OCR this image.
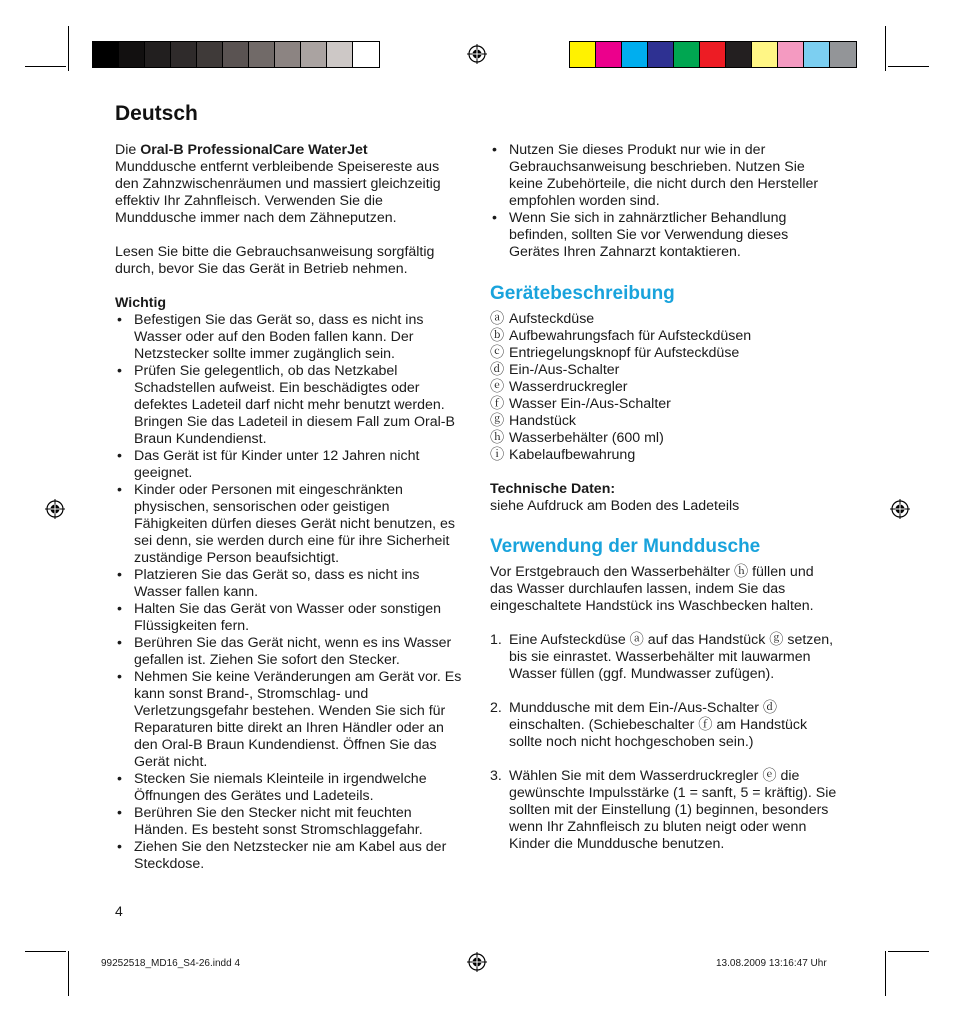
Deutsch

Die Oral-B ProfessionalCare WaterJet
Munddusche entfernt verbleibende Speisereste aus den Zahnzwischenräumen und massiert gleichzeitig effektiv Ihr Zahnfleisch. Verwenden Sie die Munddusche immer nach dem Zähneputzen.

Lesen Sie bitte die Gebrauchsanweisung sorgfältig durch, bevor Sie das Gerät in Betrieb nehmen.

Wichtig

• Befestigen Sie das Gerät so, dass es nicht ins Wasser oder auf den Boden fallen kann. Der Netzstecker sollte immer zugänglich sein.
• Prüfen Sie gelegentlich, ob das Netzkabel Schadstellen aufweist. Ein beschädigtes oder defektes Ladeteil darf nicht mehr benutzt werden. Bringen Sie das Ladeteil in diesem Fall zum Oral-B Braun Kundendienst.
• Das Gerät ist für Kinder unter 12 Jahren nicht geeignet.
• Kinder oder Personen mit eingeschränkten physischen, sensorischen oder geistigen Fähigkeiten dürfen dieses Gerät nicht benutzen, es sei denn, sie werden durch eine für ihre Sicherheit zuständige Person beaufsichtigt.
• Platzieren Sie das Gerät so, dass es nicht ins Wasser fallen kann.
• Halten Sie das Gerät von Wasser oder sonstigen Flüssigkeiten fern.
• Berühren Sie das Gerät nicht, wenn es ins Wasser gefallen ist. Ziehen Sie sofort den Stecker.
• Nehmen Sie keine Veränderungen am Gerät vor. Es kann sonst Brand-, Stromschlag- und Verletzungsgefahr bestehen. Wenden Sie sich für Reparaturen bitte direkt an Ihren Händler oder an den Oral-B Braun Kundendienst. Öffnen Sie das Gerät nicht.
• Stecken Sie niemals Kleinteile in irgendwelche Öffnungen des Gerätes und Ladeteils.
• Berühren Sie den Stecker nicht mit feuchten Händen. Es besteht sonst Stromschlaggefahr.
• Ziehen Sie den Netzstecker nie am Kabel aus der Steckdose.
• Nutzen Sie dieses Produkt nur wie in der Gebrauchsanweisung beschrieben. Nutzen Sie keine Zubehörteile, die nicht durch den Hersteller empfohlen worden sind.
• Wenn Sie sich in zahnärztlicher Behandlung befinden, sollten Sie vor Verwendung dieses Gerätes Ihren Zahnarzt kontaktieren.

Gerätebeschreibung

ⓐ Aufsteckdüse
ⓑ Aufbewahrungsfach für Aufsteckdüsen
ⓒ Entriegelungsknopf für Aufsteckdüse
ⓓ Ein-/Aus-Schalter
ⓔ Wasserdruckregler
ⓕ Wasser Ein-/Aus-Schalter
ⓖ Handstück
ⓗ Wasserbehälter (600 ml)
ⓘ Kabelaufbewahrung

Technische Daten:

siehe Aufdruck am Boden des Ladeteils

Verwendung der Munddusche

Vor Erstgebrauch den Wasserbehälter ⓗ füllen und das Wasser durchlaufen lassen, indem Sie das eingeschaltete Handstück ins Waschbecken halten.

1. Eine Aufsteckdüse ⓐ auf das Handstück ⓖ setzen, bis sie einrastet. Wasserbehälter mit lauwarmen Wasser füllen (ggf. Mundwasser zufügen).
2. Munddusche mit dem Ein-/Aus-Schalter ⓓ einschalten. (Schiebeschalter ⓕ am Handstück sollte noch nicht hochgeschoben sein.)
3. Wählen Sie mit dem Wasserdruckregler ⓔ die gewünschte Impulsstärke (1 = sanft, 5 = kräftig). Sie sollten mit der Einstellung (1) beginnen, besonders wenn Ihr Zahnfleisch zu bluten neigt oder wenn Kinder die Munddusche benutzen.
4
99252518_MD16_S4-26.indd 4	13.08.2009 13:16:47 Uhr
